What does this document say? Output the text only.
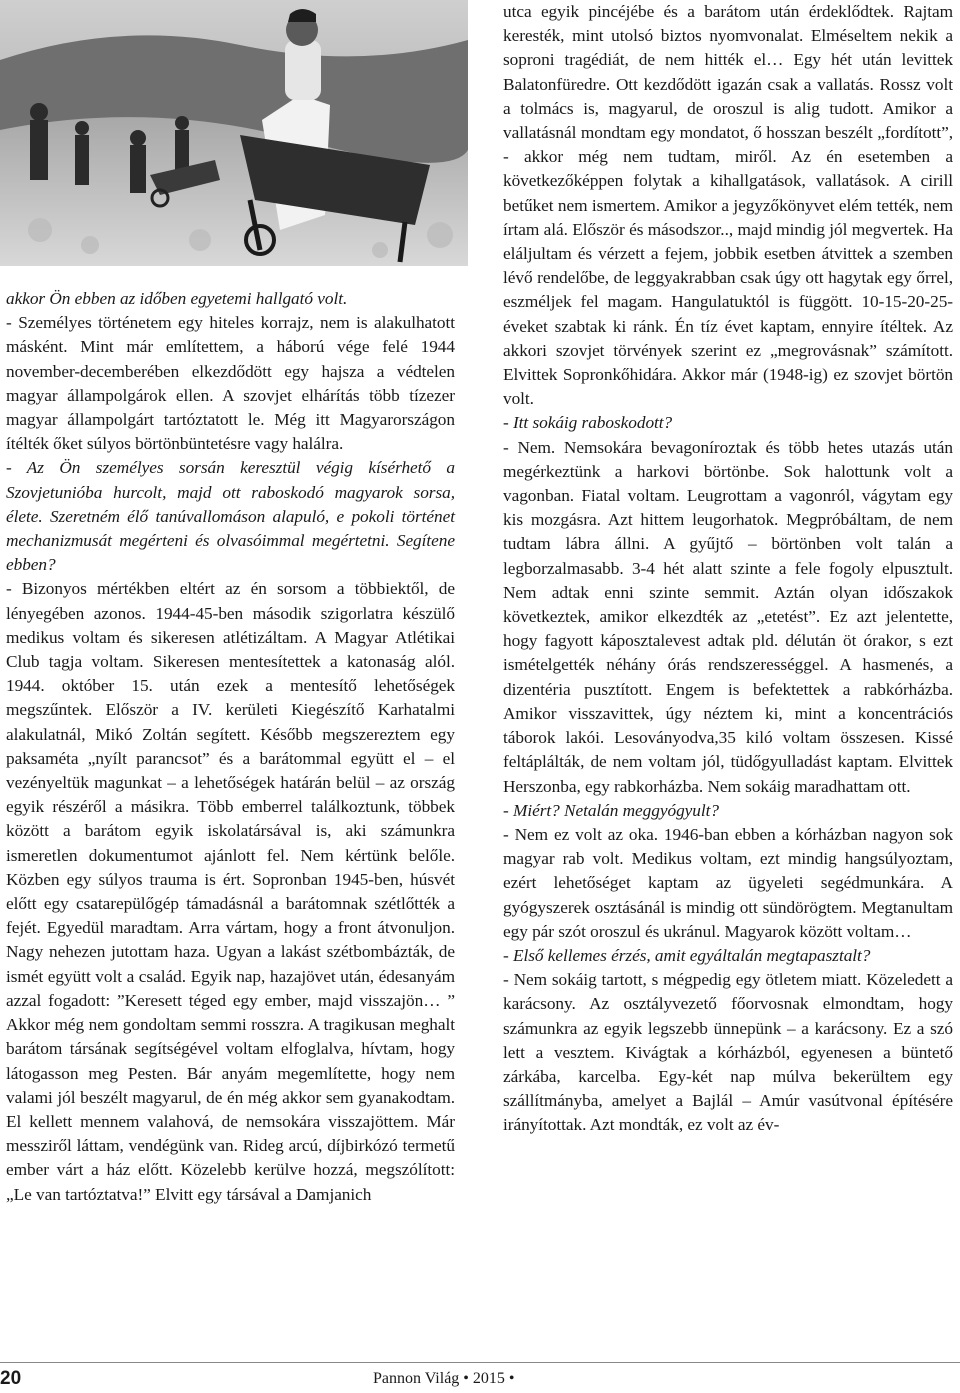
akkor Ön ebben az időben egyetemi hallgató volt.

- Személyes történetem egy hiteles korrajz, nem is alakulhatott másként. Mint már említettem, a háború vége felé 1944 november-decemberében elkezdődött egy hajsza a védtelen magyar állampolgárok ellen. A szovjet elhárítás több tízezer magyar állampolgárt tartóztatott le. Még itt Magyarországon ítélték őket súlyos börtönbüntetésre vagy halálra.

- Az Ön személyes sorsán keresztül végig kísérhető a Szovjetunióba hurcolt, majd ott raboskodó magyarok sorsa, élete. Szeretném élő tanúvallomáson alapuló, e pokoli történet mechanizmusát megérteni és olvasóimmal megértetni. Segítene ebben?

- Bizonyos mértékben eltért az én sorsom a többiektől, de lényegében azonos. 1944-45-ben második szigorlatra készülő medikus voltam és sikeresen atlétizáltam. A Magyar Atlétikai Club tagja voltam. Sikeresen mentesítettek a katonaság alól. 1944. október 15. után ezek a mentesítő lehetőségek megszűntek. Először a IV. kerületi Kiegészítő Karhatalmi alakulatnál, Mikó Zoltán segített. Később megszereztem egy paksaméta „nyílt parancsot” és a barátommal együtt el – el vezényeltük magunkat – a lehetőségek határán belül – az ország egyik részéről a másikra. Több emberrel találkoztunk, többek között a barátom egyik iskolatársával is, aki számunkra ismeretlen dokumentumot ajánlott fel. Nem kértünk belőle. Közben egy súlyos trauma is ért. Sopronban 1945-ben, húsvét előtt egy csatarepülőgép támadásnál a barátomnak szétlőtték a fejét. Egyedül maradtam. Arra vártam, hogy a front átvonuljon. Nagy nehezen jutottam haza. Ugyan a lakást szétbombázták, de ismét együtt volt a család. Egyik nap, hazajövet után, édesanyám azzal fogadott: ”Keresett téged egy ember, majd visszajön… ” Akkor még nem gondoltam semmi rosszra. A tragikusan meghalt barátom társának segítségével voltam elfoglalva, hívtam, hogy látogasson meg Pesten. Bár anyám megemlítette, hogy nem valami jól beszélt magyarul, de én még akkor sem gyanakodtam. El kellett mennem valahová, de nemsokára visszajöttem. Már messziről láttam, vendégünk van. Rideg arcú, díjbirkózó termetű ember várt a ház előtt. Közelebb kerülve hozzá, megszólított: „Le van tartóztatva!” Elvitt egy társával a Damjanich

utca egyik pincéjébe és a barátom után érdeklődtek. Rajtam keresték, mint utolsó biztos nyomvonalat. Elméseltem nekik a soproni tragédiát, de nem hitték el… Egy hét után levittek Balatonfüredre. Ott kezdődött igazán csak a vallatás. Rossz volt a tolmács is, magyarul, de oroszul is alig tudott. Amikor a vallatásnál mondtam egy mondatot, ő hosszan beszélt „fordított”, - akkor még nem tudtam, miről. Az én esetemben a következőképpen folytak a kihallgatások, vallatások. A cirill betűket nem ismertem. Amikor a jegyzőkönyvet elém tették, nem írtam alá. Először és másodszor.., majd mindig jól megvertek. Ha eláljultam és vérzett a fejem, jobbik esetben átvittek a szemben lévő rendelőbe, de leggyakrabban csak úgy ott hagytak egy őrrel, eszméljek fel magam. Hangulatuktól is függött. 10-15-20-25- éveket szabtak ki ránk. Én tíz évet kaptam, ennyire ítéltek. Az akkori szovjet törvények szerint ez „megrovásnak” számított. Elvittek Sopronkőhidára. Akkor már (1948-ig) ez szovjet börtön volt.

- Itt sokáig raboskodott?

- Nem. Nemsokára bevagoníroztak és több hetes utazás után megérkeztünk a harkovi börtönbe. Sok halottunk volt a vagonban. Fiatal voltam. Leugrottam a vagonról, vágytam egy kis mozgásra. Azt hittem leugorhatok. Megpróbáltam, de nem tudtam lábra állni. A gyűjtő – börtönben volt talán a legborzalmasabb. 3-4 hét alatt szinte a fele fogoly elpusztult. Nem adtak enni szinte semmit. Aztán olyan időszakok következtek, amikor elkezdték az „etetést”. Ez azt jelentette, hogy fagyott káposztalevest adtak pld. délután öt órakor, s ezt ismételgették néhány órás rendszerességgel. A hasmenés, a dizentéria pusztított. Engem is befektettek a rabkórházba. Amikor visszavittek, úgy néztem ki, mint a koncentrációs táborok lakói. Lesoványodva,35 kiló voltam összesen. Kissé feltáplálták, de nem voltam jól, tüdőgyulladást kaptam. Elvittek Herszonba, egy rabkorházba. Nem sokáig maradhattam ott.

- Miért? Netalán meggyógyult?

- Nem ez volt az oka. 1946-ban ebben a kórházban nagyon sok magyar rab volt. Medikus voltam, ezt mindig hangsúlyoztam, ezért lehetőséget kaptam az ügyeleti segédmunkára. A gyógyszerek osztásánál is mindig ott sündörögtem. Megtanultam egy pár szót oroszul és ukránul. Magyarok között voltam…

- Első kellemes érzés, amit egyáltalán megtapasztalt?

- Nem sokáig tartott, s mégpedig egy ötletem miatt. Közeledett a karácsony. Az osztályvezető főorvosnak elmondtam, hogy számunkra az egyik legszebb ünnepünk – a karácsony. Ez a szó lett a vesztem. Kivágtak a kórházból, egyenesen a büntető zárkába, karcelba. Egy-két nap múlva bekerültem egy szállítmányba, amelyet a Bajlál – Amúr vasútvonal építésére irányítottak. Azt mondták, ez volt az év-

20	Pannon Világ • 2015 •
